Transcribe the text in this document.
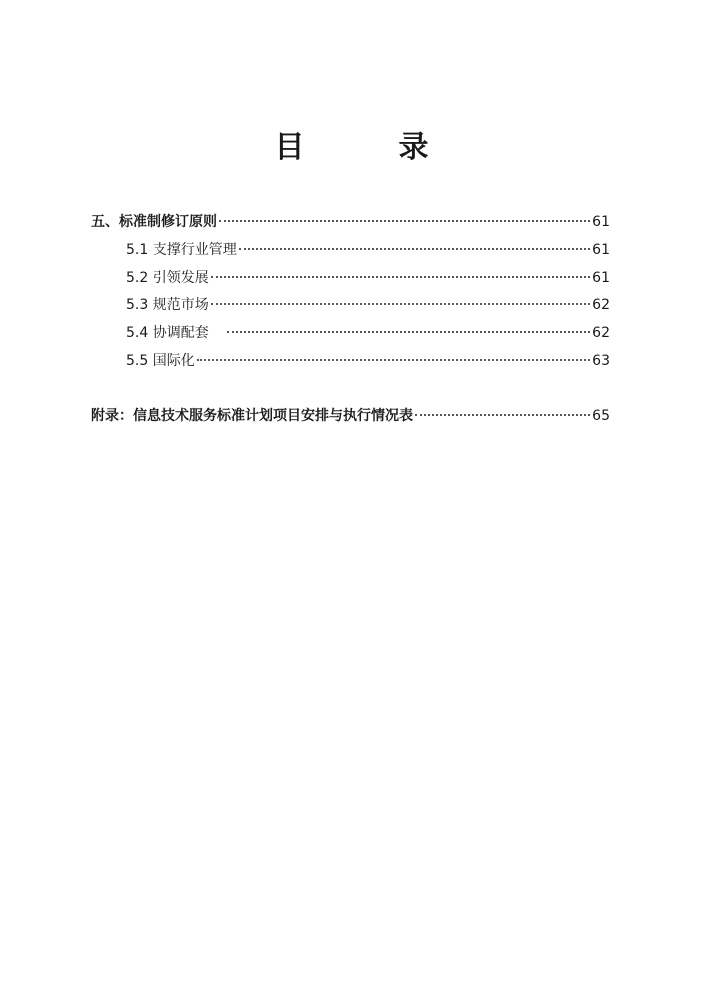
目　录
五、标准制修订原则	61
5.1 支撑行业管理	61
5.2 引领发展	61
5.3 规范市场	62
5.4 协调配套	62
5.5 国际化	63
附录：信息技术服务标准计划项目安排与执行情况表	65
